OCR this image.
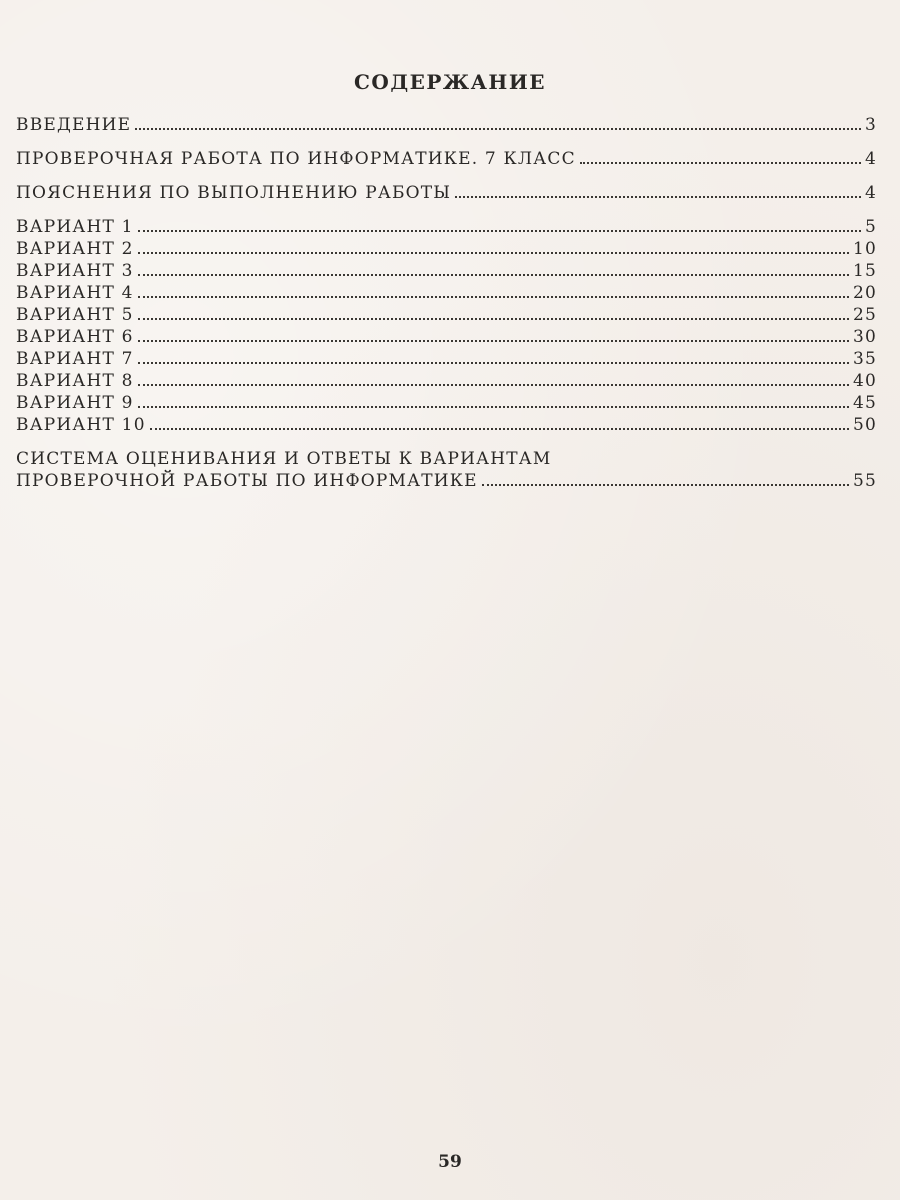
СОДЕРЖАНИЕ
ВВЕДЕНИЕ	3
ПРОВЕРОЧНАЯ РАБОТА ПО ИНФОРМАТИКЕ. 7 КЛАСС	4
ПОЯСНЕНИЯ ПО ВЫПОЛНЕНИЮ РАБОТЫ	4
ВАРИАНТ 1	5
ВАРИАНТ 2	10
ВАРИАНТ 3	15
ВАРИАНТ 4	20
ВАРИАНТ 5	25
ВАРИАНТ 6	30
ВАРИАНТ 7	35
ВАРИАНТ 8	40
ВАРИАНТ 9	45
ВАРИАНТ 10	50
СИСТЕМА ОЦЕНИВАНИЯ И ОТВЕТЫ К ВАРИАНТАМ
ПРОВЕРОЧНОЙ РАБОТЫ ПО ИНФОРМАТИКЕ	55
59
